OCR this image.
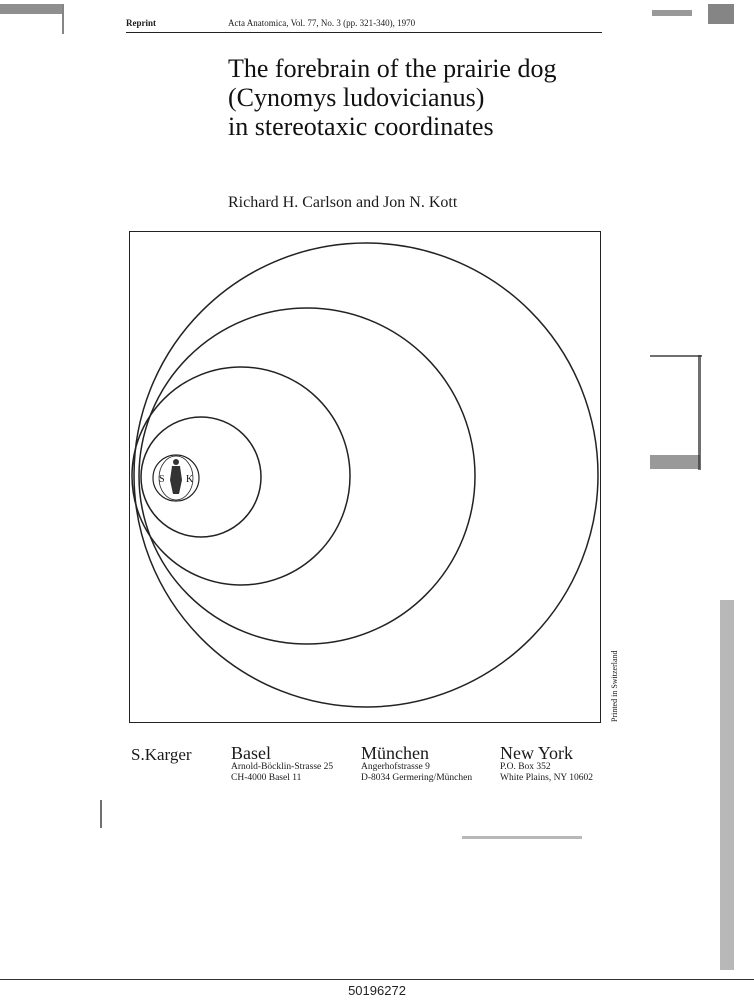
Reprint	Acta Anatomica, Vol. 77, No. 3 (pp. 321-340), 1970
The forebrain of the prairie dog
(Cynomys ludovicianus)
in stereotaxic coordinates
Richard H. Carlson and Jon N. Kott
S K
Printed in Switzerland
S.Karger Basel
Arnold-Böcklin-Strasse 25
CH-4000 Basel 11
München
Angerhofstrasse 9
D-8034 Germering/München
New York
P.O. Box 352
White Plains, NY 10602
50196272
